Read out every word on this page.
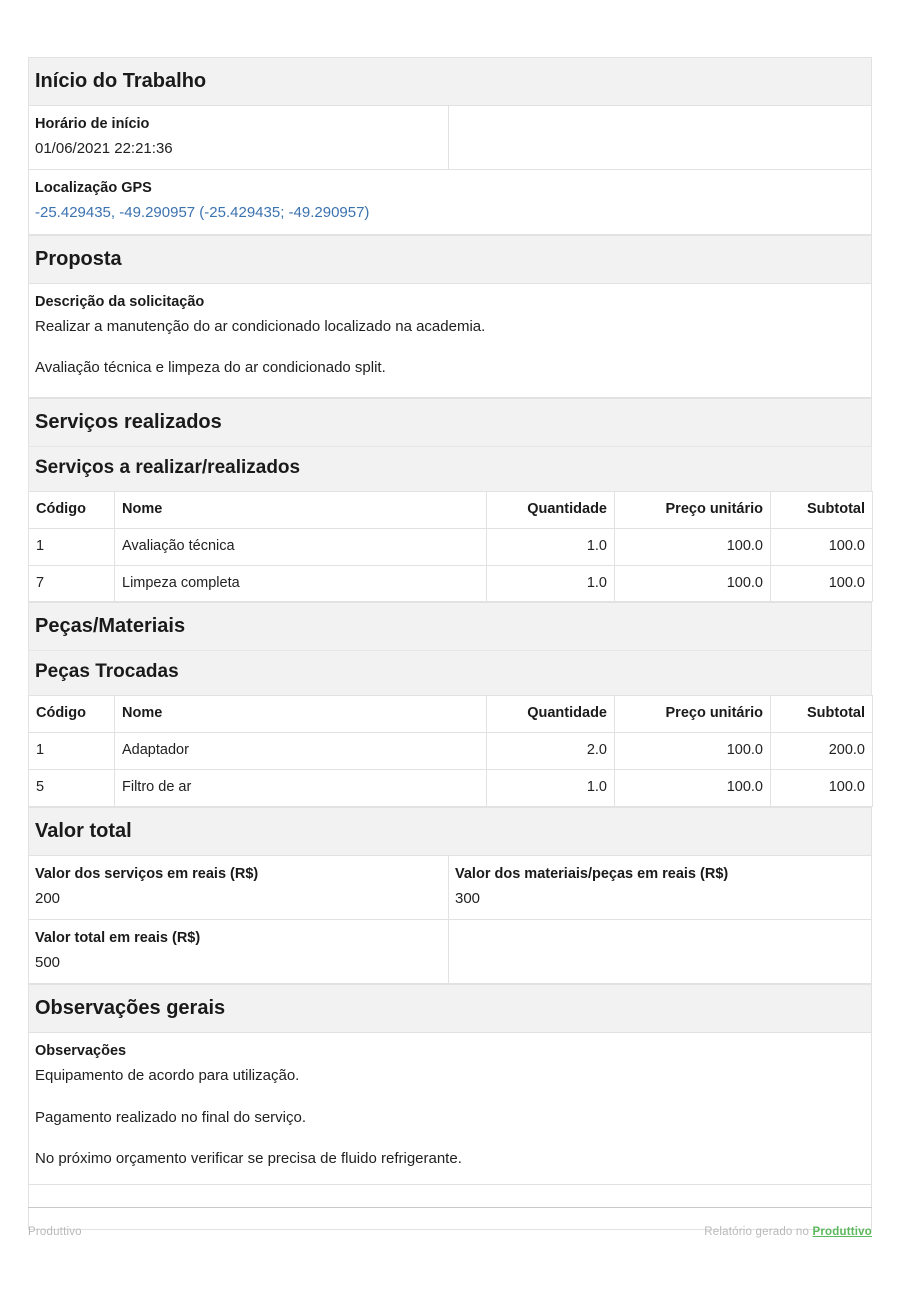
Início do Trabalho
Horário de início
01/06/2021 22:21:36
Localização GPS
-25.429435, -49.290957 (-25.429435; -49.290957)
Proposta
Descrição da solicitação

Realizar a manutenção do ar condicionado localizado na academia.

Avaliação técnica e limpeza do ar condicionado split.

Serviços realizados
Serviços a realizar/realizados
Código	Nome	Quantidade	Preço unitário	Subtotal
1	Avaliação técnica	1.0	100.0	100.0
7	Limpeza completa	1.0	100.0	100.0
Peças/Materiais
Peças Trocadas
Código	Nome	Quantidade	Preço unitário	Subtotal
1	Adaptador	2.0	100.0	200.0
5	Filtro de ar	1.0	100.0	100.0
Valor total
Valor dos serviços em reais (R$)
200
Valor dos materiais/peças em reais (R$)
300
Valor total em reais (R$)
500
Observações gerais
Observações

Equipamento de acordo para utilização.

Pagamento realizado no final do serviço.

No próximo orçamento verificar se precisa de fluido refrigerante.

Produttivo	Relatório gerado no Produttivo
